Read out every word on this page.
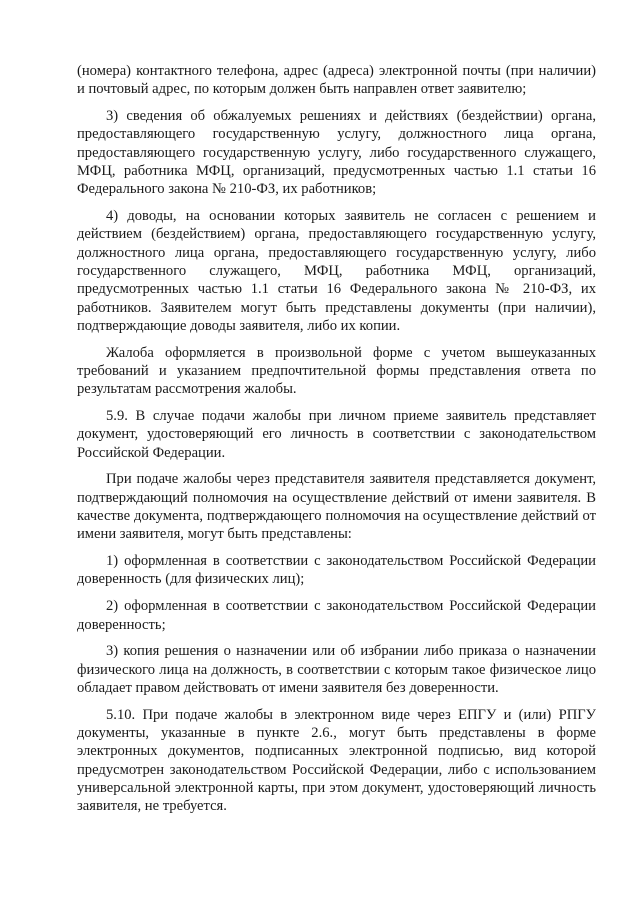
(номера) контактного телефона, адрес (адреса) электронной почты (при наличии) и почтовый адрес, по которым должен быть направлен ответ заявителю;

3) сведения об обжалуемых решениях и действиях (бездействии) органа, предоставляющего государственную услугу, должностного лица органа, предоставляющего государственную услугу, либо государственного служащего, МФЦ, работника МФЦ, организаций, предусмотренных частью 1.1 статьи 16 Федерального закона № 210-ФЗ, их работников;

4) доводы, на основании которых заявитель не согласен с решением и действием (бездействием) органа, предоставляющего государственную услугу, должностного лица органа, предоставляющего государственную услугу, либо государственного служащего, МФЦ, работника МФЦ, организаций, предусмотренных частью 1.1 статьи 16 Федерального закона № 210-ФЗ, их работников. Заявителем могут быть представлены документы (при наличии), подтверждающие доводы заявителя, либо их копии.

Жалоба оформляется в произвольной форме с учетом вышеуказанных требований и указанием предпочтительной формы представления ответа по результатам рассмотрения жалобы.

5.9. В случае подачи жалобы при личном приеме заявитель представляет документ, удостоверяющий его личность в соответствии с законодательством Российской Федерации.

При подаче жалобы через представителя заявителя представляется документ, подтверждающий полномочия на осуществление действий от имени заявителя. В качестве документа, подтверждающего полномочия на осуществление действий от имени заявителя, могут быть представлены:

1) оформленная в соответствии с законодательством Российской Федерации доверенность (для физических лиц);

2) оформленная в соответствии с законодательством Российской Федерации доверенность;

3) копия решения о назначении или об избрании либо приказа о назначении физического лица на должность, в соответствии с которым такое физическое лицо обладает правом действовать от имени заявителя без доверенности.

5.10. При подаче жалобы в электронном виде через ЕПГУ и (или) РПГУ документы, указанные в пункте 2.6., могут быть представлены в форме электронных документов, подписанных электронной подписью, вид которой предусмотрен законодательством Российской Федерации, либо с использованием универсальной электронной карты, при этом документ, удостоверяющий личность заявителя, не требуется.
